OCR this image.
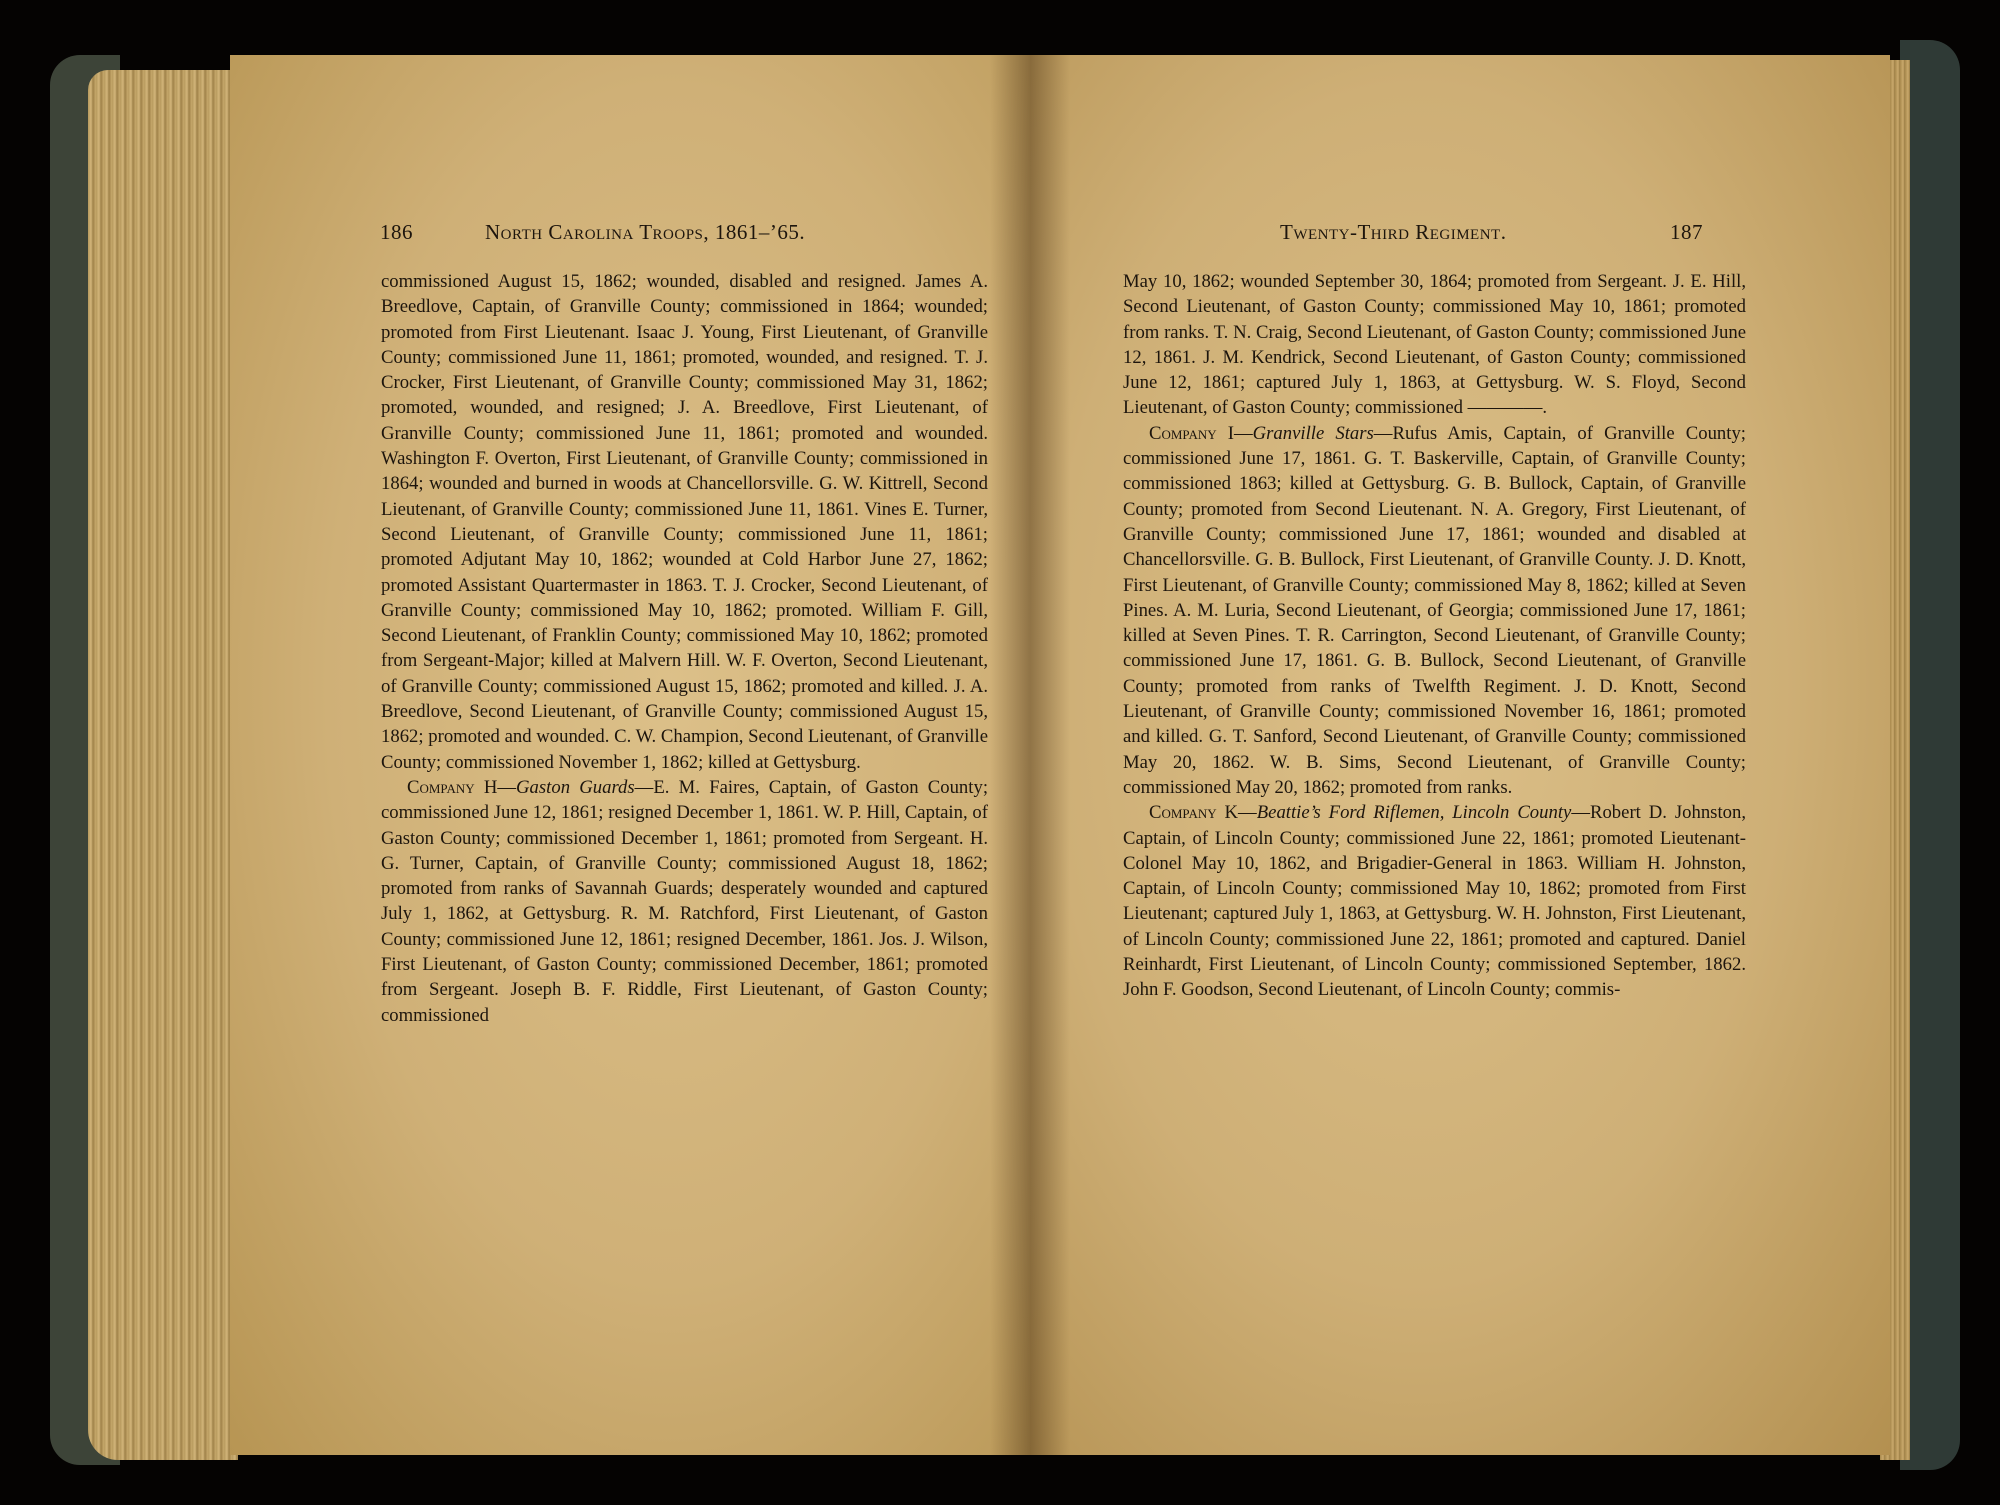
186	North Carolina Troops, 1861–’65.

commissioned August 15, 1862; wounded, disabled and resigned. James A. Breedlove, Captain, of Granville County; commissioned in 1864; wounded; promoted from First Lieutenant. Isaac J. Young, First Lieutenant, of Granville County; commissioned June 11, 1861; promoted, wounded, and resigned. T. J. Crocker, First Lieutenant, of Granville County; commissioned May 31, 1862; promoted, wounded, and resigned; J. A. Breedlove, First Lieutenant, of Granville County; commissioned June 11, 1861; promoted and wounded. Washington F. Overton, First Lieutenant, of Granville County; commissioned in 1864; wounded and burned in woods at Chancellorsville. G. W. Kittrell, Second Lieutenant, of Granville County; commissioned June 11, 1861. Vines E. Turner, Second Lieutenant, of Granville County; commissioned June 11, 1861; promoted Adjutant May 10, 1862; wounded at Cold Harbor June 27, 1862; promoted Assistant Quartermaster in 1863. T. J. Crocker, Second Lieutenant, of Granville County; commissioned May 10, 1862; promoted. William F. Gill, Second Lieutenant, of Franklin County; commissioned May 10, 1862; promoted from Sergeant-Major; killed at Malvern Hill. W. F. Overton, Second Lieutenant, of Granville County; commissioned August 15, 1862; promoted and killed. J. A. Breedlove, Second Lieutenant, of Granville County; commissioned August 15, 1862; promoted and wounded. C. W. Champion, Second Lieutenant, of Granville County; commissioned November 1, 1862; killed at Gettysburg.

Company H—Gaston Guards—E. M. Faires, Captain, of Gaston County; commissioned June 12, 1861; resigned December 1, 1861. W. P. Hill, Captain, of Gaston County; commissioned December 1, 1861; promoted from Sergeant. H. G. Turner, Captain, of Granville County; commissioned August 18, 1862; promoted from ranks of Savannah Guards; desperately wounded and captured July 1, 1862, at Gettysburg. R. M. Ratchford, First Lieutenant, of Gaston County; commissioned June 12, 1861; resigned December, 1861. Jos. J. Wilson, First Lieutenant, of Gaston County; commissioned December, 1861; promoted from Sergeant. Joseph B. F. Riddle, First Lieutenant, of Gaston County; commissioned

Twenty-Third Regiment.	187

May 10, 1862; wounded September 30, 1864; promoted from Sergeant. J. E. Hill, Second Lieutenant, of Gaston County; commissioned May 10, 1861; promoted from ranks. T. N. Craig, Second Lieutenant, of Gaston County; commissioned June 12, 1861. J. M. Kendrick, Second Lieutenant, of Gaston County; commissioned June 12, 1861; captured July 1, 1863, at Gettysburg. W. S. Floyd, Second Lieutenant, of Gaston County; commissioned ————.

Company I—Granville Stars—Rufus Amis, Captain, of Granville County; commissioned June 17, 1861. G. T. Baskerville, Captain, of Granville County; commissioned 1863; killed at Gettysburg. G. B. Bullock, Captain, of Granville County; promoted from Second Lieutenant. N. A. Gregory, First Lieutenant, of Granville County; commissioned June 17, 1861; wounded and disabled at Chancellorsville. G. B. Bullock, First Lieutenant, of Granville County. J. D. Knott, First Lieutenant, of Granville County; commissioned May 8, 1862; killed at Seven Pines. A. M. Luria, Second Lieutenant, of Georgia; commissioned June 17, 1861; killed at Seven Pines. T. R. Carrington, Second Lieutenant, of Granville County; commissioned June 17, 1861. G. B. Bullock, Second Lieutenant, of Granville County; promoted from ranks of Twelfth Regiment. J. D. Knott, Second Lieutenant, of Granville County; commissioned November 16, 1861; promoted and killed. G. T. Sanford, Second Lieutenant, of Granville County; commissioned May 20, 1862. W. B. Sims, Second Lieutenant, of Granville County; commissioned May 20, 1862; promoted from ranks.

Company K—Beattie’s Ford Riflemen, Lincoln County—Robert D. Johnston, Captain, of Lincoln County; commissioned June 22, 1861; promoted Lieutenant-Colonel May 10, 1862, and Brigadier-General in 1863. William H. Johnston, Captain, of Lincoln County; commissioned May 10, 1862; promoted from First Lieutenant; captured July 1, 1863, at Gettysburg. W. H. Johnston, First Lieutenant, of Lincoln County; commissioned June 22, 1861; promoted and captured. Daniel Reinhardt, First Lieutenant, of Lincoln County; commissioned September, 1862. John F. Goodson, Second Lieutenant, of Lincoln County; commis-
